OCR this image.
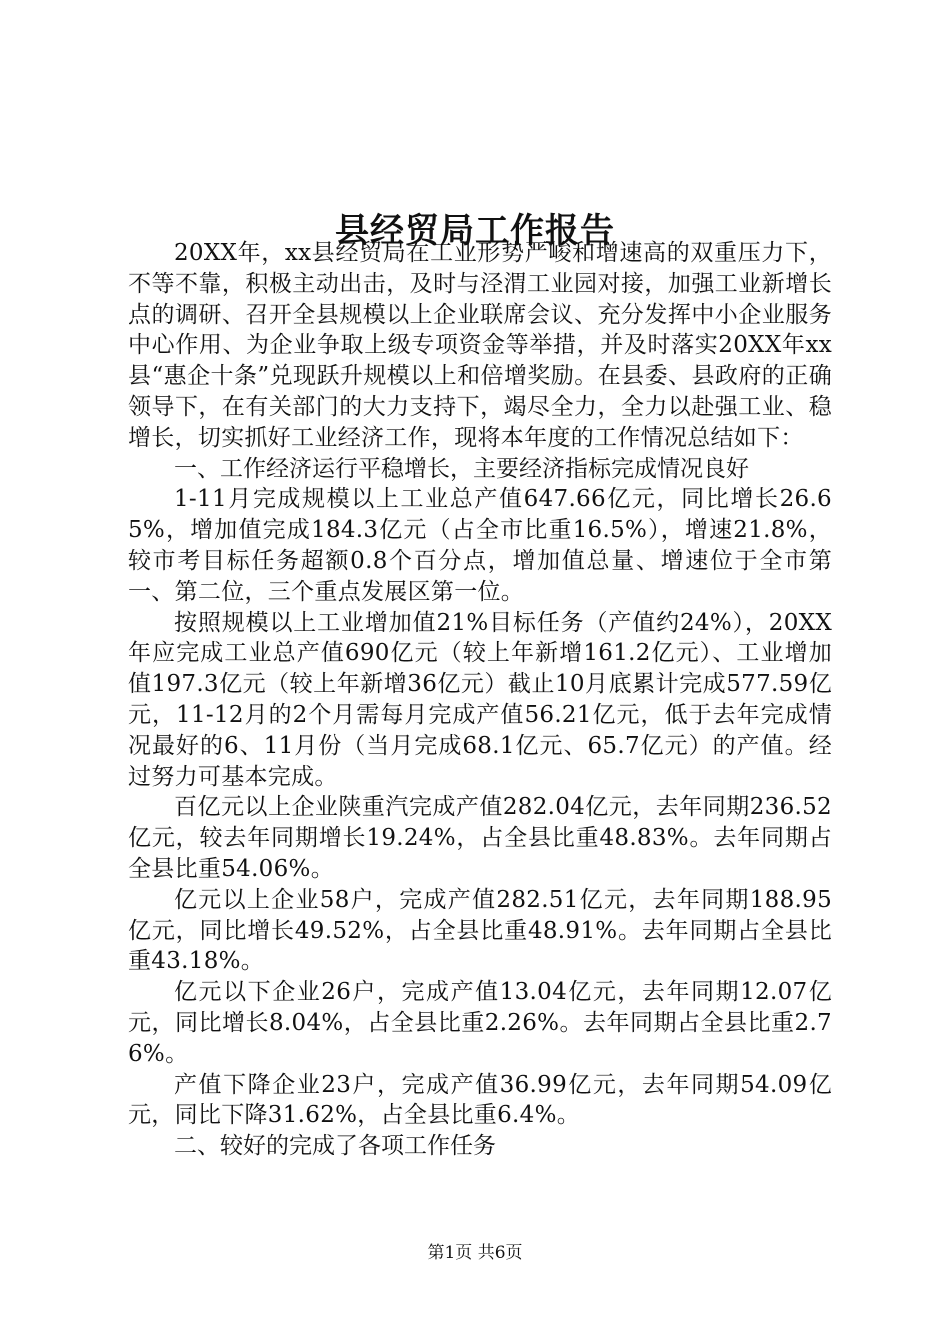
县经贸局工作报告

20XX年，xx县经贸局在工业形势严峻和增速高的双重压力下，不等不靠，积极主动出击，及时与泾渭工业园对接，加强工业新增长点的调研、召开全县规模以上企业联席会议、充分发挥中小企业服务中心作用、为企业争取上级专项资金等举措，并及时落实20XX年xx县“惠企十条”兑现跃升规模以上和倍增奖励。在县委、县政府的正确领导下，在有关部门的大力支持下，竭尽全力，全力以赴强工业、稳增长，切实抓好工业经济工作，现将本年度的工作情况总结如下：

一、工作经济运行平稳增长，主要经济指标完成情况良好

1-11月完成规模以上工业总产值647.66亿元，同比增长26.65%，增加值完成184.3亿元（占全市比重16.5%），增速21.8%，较市考目标任务超额0.8个百分点，增加值总量、增速位于全市第一、第二位，三个重点发展区第一位。

按照规模以上工业增加值21%目标任务（产值约24%），20XX年应完成工业总产值690亿元（较上年新增161.2亿元）、工业增加值197.3亿元（较上年新增36亿元）截止10月底累计完成577.59亿元，11-12月的2个月需每月完成产值56.21亿元，低于去年完成情况最好的6、11月份（当月完成68.1亿元、65.7亿元）的产值。经过努力可基本完成。

百亿元以上企业陕重汽完成产值282.04亿元，去年同期236.52亿元，较去年同期增长19.24%，占全县比重48.83%。去年同期占全县比重54.06%。

亿元以上企业58户，完成产值282.51亿元，去年同期188.95亿元，同比增长49.52%，占全县比重48.91%。去年同期占全县比重43.18%。

亿元以下企业26户，完成产值13.04亿元，去年同期12.07亿元，同比增长8.04%，占全县比重2.26%。去年同期占全县比重2.76%。

产值下降企业23户，完成产值36.99亿元，去年同期54.09亿元，同比下降31.62%，占全县比重6.4%。

二、较好的完成了各项工作任务

第1页 共6页
